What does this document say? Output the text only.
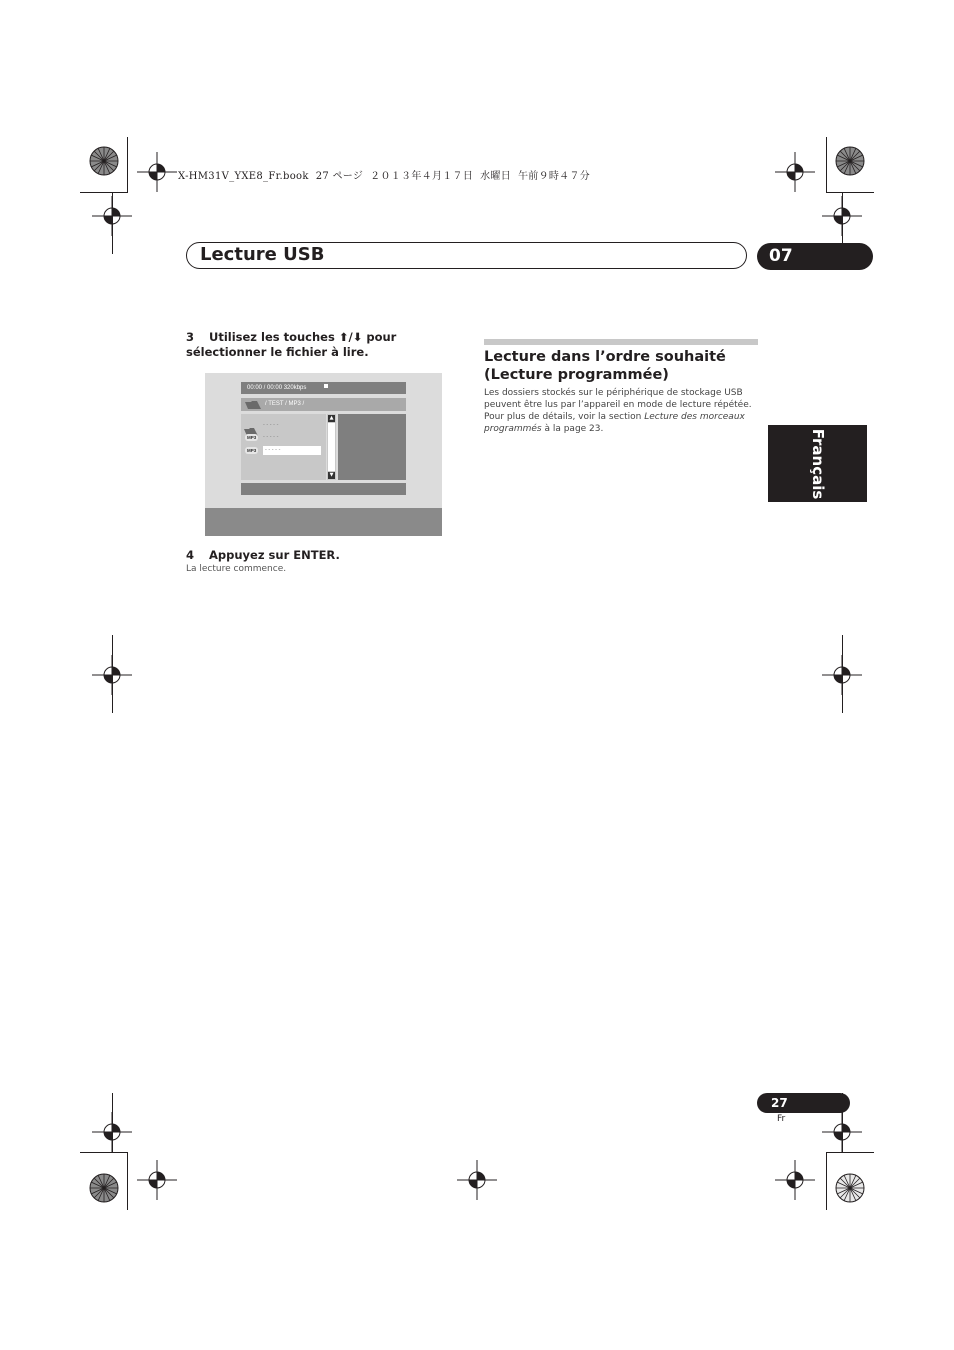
X-HM31V_YXE8_Fr.book  27 ページ  ２０１３年４月１７日  水曜日  午前９時４７分
Lecture USB	07
Français
3 Utilisez les touches ⬆/⬇ pour sélectionner le fichier à lire.
00:00 / 00:00 320kbps
/ TEST / MP3 /
- - - - -
MP3	- - - - -
MP3	- - - - -
▲
▼
4 Appuyez sur ENTER.
La lecture commence.
Lecture dans l’ordre souhaité (Lecture programmée)
Les dossiers stockés sur le périphérique de stockage USB peuvent être lus par l’appareil en mode de lecture répétée. Pour plus de détails, voir la section Lecture des morceaux programmés à la page 23.
27
Fr
